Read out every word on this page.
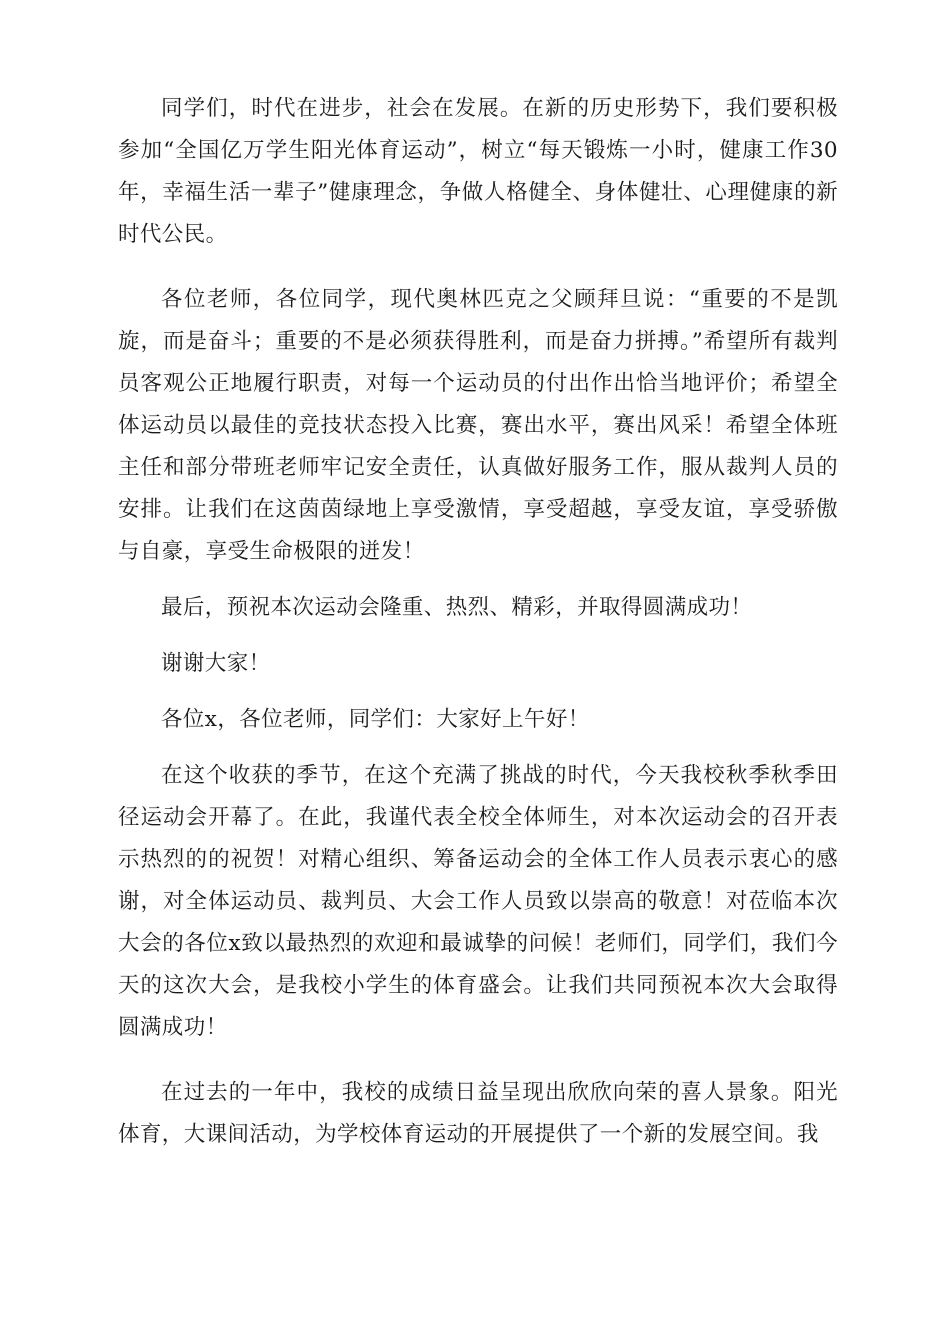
同学们，时代在进步，社会在发展。在新的历史形势下，我们要积极参加“全国亿万学生阳光体育运动”，树立“每天锻炼一小时，健康工作30年，幸福生活一辈子”健康理念，争做人格健全、身体健壮、心理健康的新时代公民。

各位老师，各位同学，现代奥林匹克之父顾拜旦说：“重要的不是凯旋，而是奋斗；重要的不是必须获得胜利，而是奋力拼搏。”希望所有裁判员客观公正地履行职责，对每一个运动员的付出作出恰当地评价；希望全体运动员以最佳的竞技状态投入比赛，赛出水平，赛出风采！希望全体班主任和部分带班老师牢记安全责任，认真做好服务工作，服从裁判人员的安排。让我们在这茵茵绿地上享受激情，享受超越，享受友谊，享受骄傲与自豪，享受生命极限的迸发！

最后，预祝本次运动会隆重、热烈、精彩，并取得圆满成功！

谢谢大家！

各位x，各位老师，同学们：大家好上午好！

在这个收获的季节，在这个充满了挑战的时代，今天我校秋季秋季田径运动会开幕了。在此，我谨代表全校全体师生，对本次运动会的召开表示热烈的的祝贺！对精心组织、筹备运动会的全体工作人员表示衷心的感谢，对全体运动员、裁判员、大会工作人员致以崇高的敬意！对莅临本次大会的各位x致以最热烈的欢迎和最诚挚的问候！老师们，同学们，我们今天的这次大会，是我校小学生的体育盛会。让我们共同预祝本次大会取得圆满成功！

在过去的一年中，我校的成绩日益呈现出欣欣向荣的喜人景象。阳光体育，大课间活动，为学校体育运动的开展提供了一个新的发展空间。我
